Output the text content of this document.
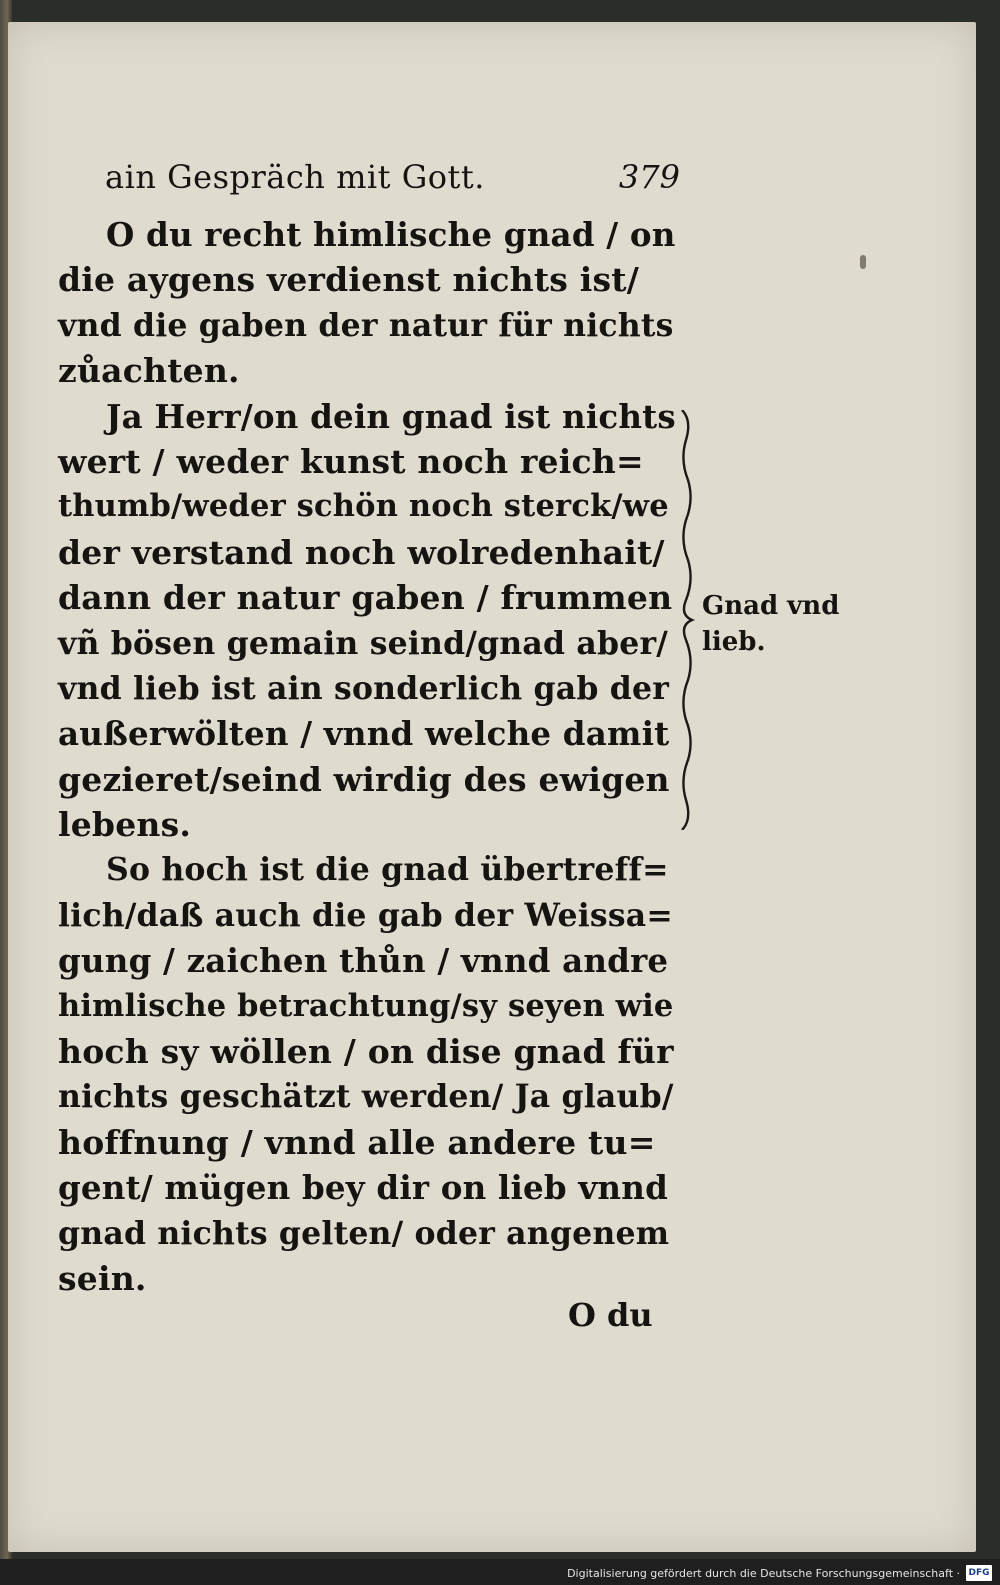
ain Gespräch mit Gott.	379
O du recht himlische gnad / on
die aygens verdienst nichts ist/
vnd die gaben der natur für nichts
zůachten.
Ja Herr/on dein gnad ist nichts
wert / weder kunst noch reich=
thumb/weder schön noch sterck/we
der verstand noch wolredenhait/
dann der natur gaben / frummen
vñ bösen gemain seind/gnad aber/
vnd lieb ist ain sonderlich gab der
außerwölten / vnnd welche damit
gezieret/seind wirdig des ewigen
lebens.
So hoch ist die gnad übertreff=
lich/daß auch die gab der Weissa=
gung / zaichen thůn / vnnd andre
himlische betrachtung/sy seyen wie
hoch sy wöllen / on dise gnad für
nichts geschätzt werden/ Ja glaub/
hoffnung / vnnd alle andere tu=
gent/ mügen bey dir on lieb vnnd
gnad nichts gelten/ oder angenem
sein.
Gnad vnd
lieb.
O du
Digitalisierung gefördert durch die Deutsche Forschungsgemeinschaft · DFG
